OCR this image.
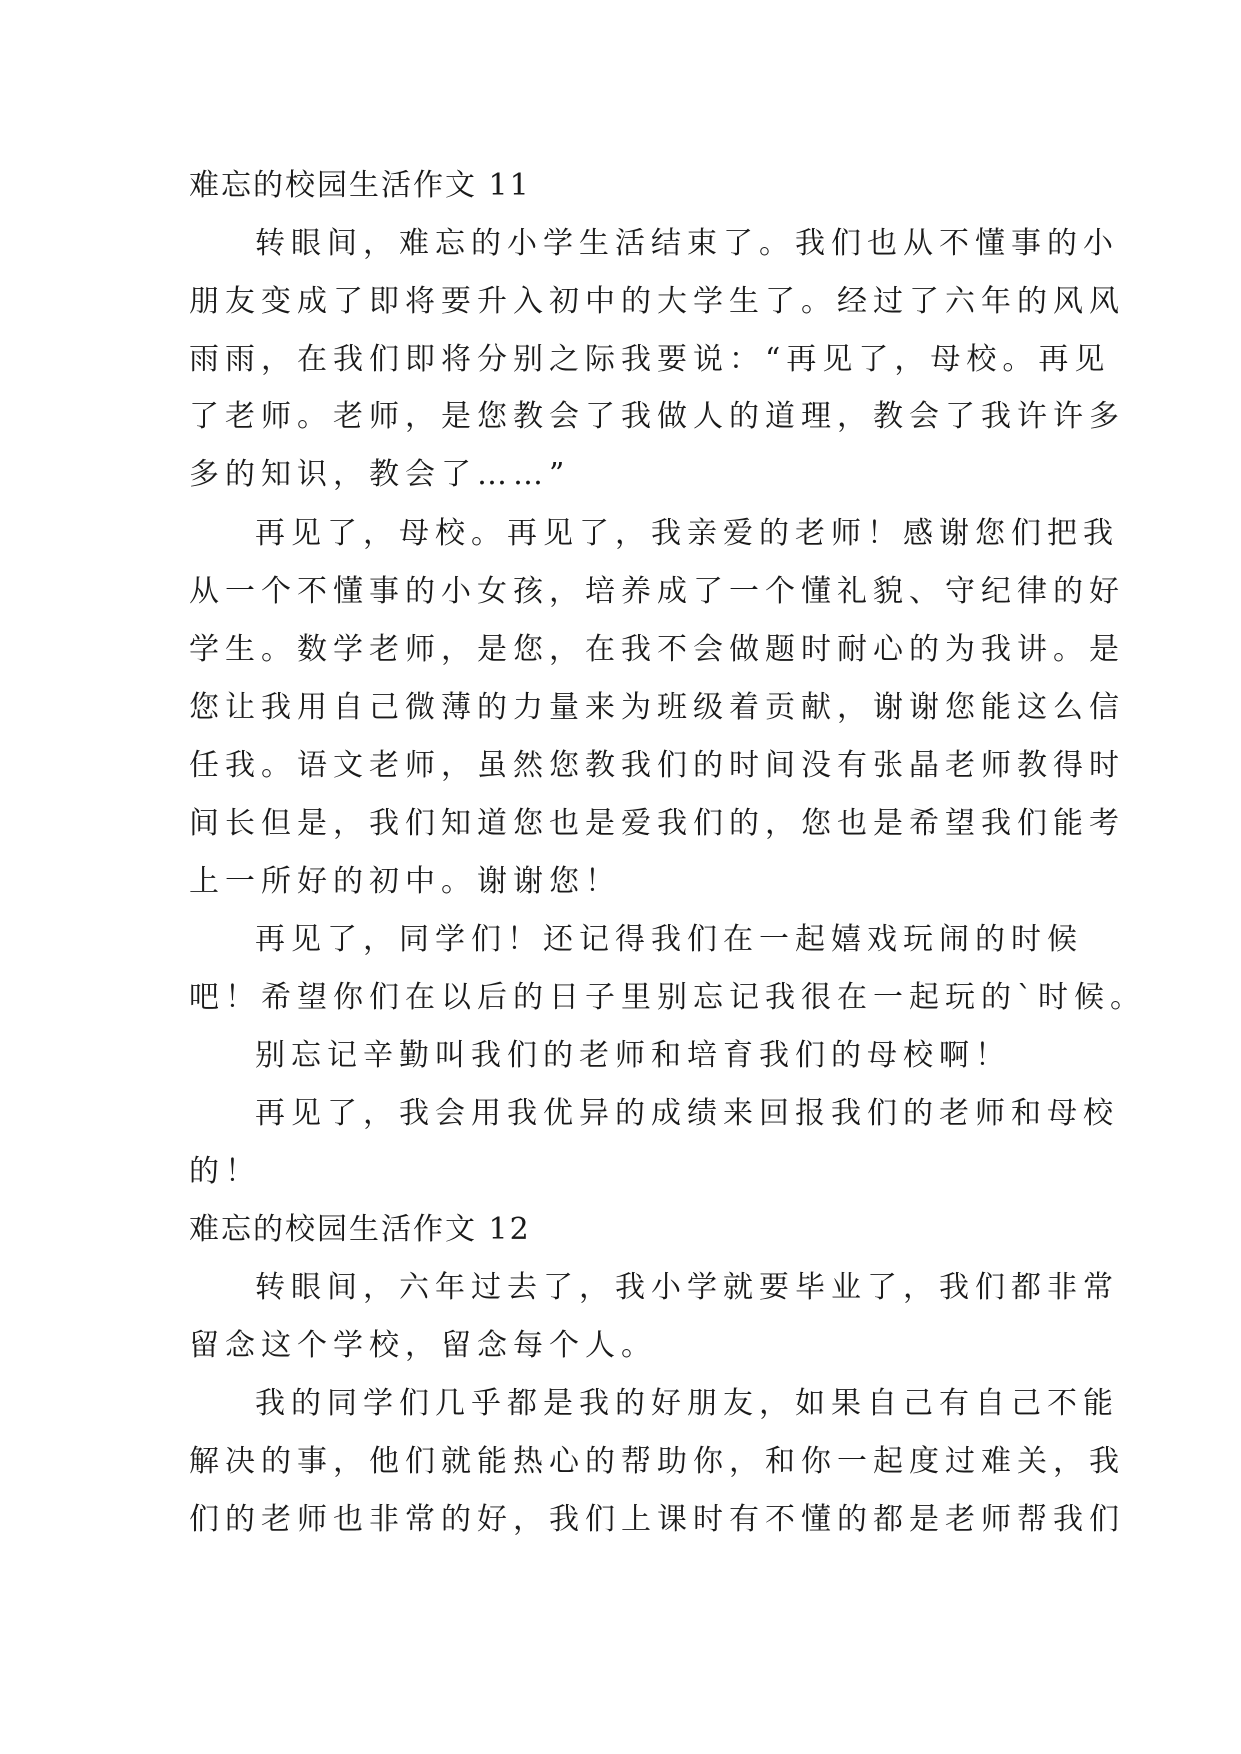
难忘的校园生活作文 11

转眼间，难忘的小学生活结束了。我们也从不懂事的小

朋友变成了即将要升入初中的大学生了。经过了六年的风风

雨雨，在我们即将分别之际我要说：“再见了，母校。再见

了老师。老师，是您教会了我做人的道理，教会了我许许多

多的知识，教会了……”

再见了，母校。再见了，我亲爱的老师！感谢您们把我

从一个不懂事的小女孩，培养成了一个懂礼貌、守纪律的好

学生。数学老师，是您，在我不会做题时耐心的为我讲。是

您让我用自己微薄的力量来为班级着贡献，谢谢您能这么信

任我。语文老师，虽然您教我们的时间没有张晶老师教得时

间长但是，我们知道您也是爱我们的，您也是希望我们能考

上一所好的初中。谢谢您！

再见了，同学们！还记得我们在一起嬉戏玩闹的时候

吧！希望你们在以后的日子里别忘记我很在一起玩的`时候。

别忘记辛勤叫我们的老师和培育我们的母校啊！

再见了，我会用我优异的成绩来回报我们的老师和母校

的！

难忘的校园生活作文 12

转眼间，六年过去了，我小学就要毕业了，我们都非常

留念这个学校，留念每个人。

我的同学们几乎都是我的好朋友，如果自己有自己不能

解决的事，他们就能热心的帮助你，和你一起度过难关，我

们的老师也非常的好，我们上课时有不懂的都是老师帮我们
